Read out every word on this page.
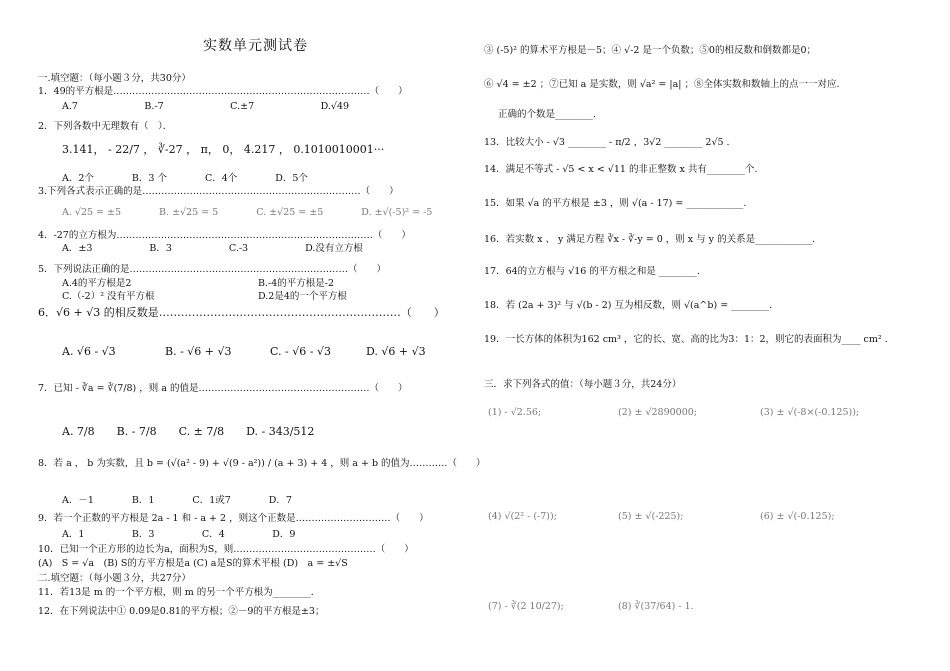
实数单元测试卷
一.填空题：（每小题３分，共30分）
1．49的平方根是………………………………………………………………………（　　）
A.7　　　　　　　B.-7　　　　　　　C.±7　　　　　　　D.√49
2．下列各数中无理数有（　）．
3.141， - 22/7 ， ∛-27 ， π， 0， 4.217 ， 0.1010010001···
A．2个　　　　B．3 个　　　　C．4个　　　　D．5个
3.下列各式表示正确的是……………………………………………………………（　　）
A. √25 = ±5　　　　B. ±√25 = 5　　　　C. ±√25 = ±5　　　　D. ±√(-5)² = -5
4．-27的立方根为………………………………………………………………………（　　）
A．±3　　　　　　B．3　　　　　　C.-3　　　　　　D.没有立方根
5．下列说法正确的是……………………………………………………………（　　）
A.4的平方根是2	B.-4的平方根是-2
C.（-2）² 没有平方根	D.2是4的一个平方根
6．√6 + √3 的相反数是…………………………………………………………（　　）
A. √6 - √3	B. - √6 + √3	C. - √6 - √3	D. √6 + √3
7．已知 - ∛a = ∛(7/8) ，则 a 的值是………………………………………………（　　）
A. 7/8　　B. - 7/8　　C. ± 7/8　　D. - 343/512
8．若 a ， b 为实数，且 b = (√(a² - 9) + √(9 - a²)) / (a + 3) + 4 ，则 a + b 的值为…………（　　）
A．－1　　　　B．1　　　　C．1或7　　　　D．7
9．若一个正数的平方根是 2a - 1 和 - a + 2 ，则这个正数是…………………………（　　）
A．1　　　　　B．3　　　　　C．4　　　　　D．9
10．已知一个正方形的边长为a，面积为S，则………………………………………（　　）
(A)　S = √a　(B) S的方平方根是a (C) a是S的算术平根 (D)　a = ±√S
二.填空题：（每小题３分，共27分）
11．若13是 m 的一个平方根，则 m 的另一个平方根为________．
12．在下列说法中① 0.09是0.81的平方根；②－9的平方根是±3；
③ (-5)² 的算术平方根是－5；④ √-2 是一个负数；⑤0的相反数和倒数都是0；
⑥ √4 = ±2 ；⑦已知 a 是实数，则 √a² = |a| ；⑧全体实数和数轴上的点一一对应.
正确的个数是________.
13．比较大小 - √3 ________ - π/2 ，3√2 ________ 2√5 .
14．满足不等式 - √5 < x < √11 的非正整数 x 共有________个.
15．如果 √a 的平方根是 ±3 ，则 √(a - 17) = ____________.
16．若实数 x 、 y 满足方程 ∛x - ∛-y = 0 ，则 x 与 y 的关系是____________.
17．64的立方根与 √16 的平方根之和是 ________.
18．若 (2a + 3)² 与 √(b - 2) 互为相反数，则 √(a^b) = ________.
19．一长方体的体积为162 cm³ ，它的长、宽、高的比为3：1：2，则它的表面积为____ cm² .
三．求下列各式的值：（每小题３分，共24分）
(1) - √2.56;	(2) ± √2890000;	(3) ± √(-8×(-0.125));
(4) √(2² - (-7));	(5) ± √(-225);	(6) ± √(-0.125);
(7) - ∛(2 10/27);	(8) ∛(37/64) - 1.
